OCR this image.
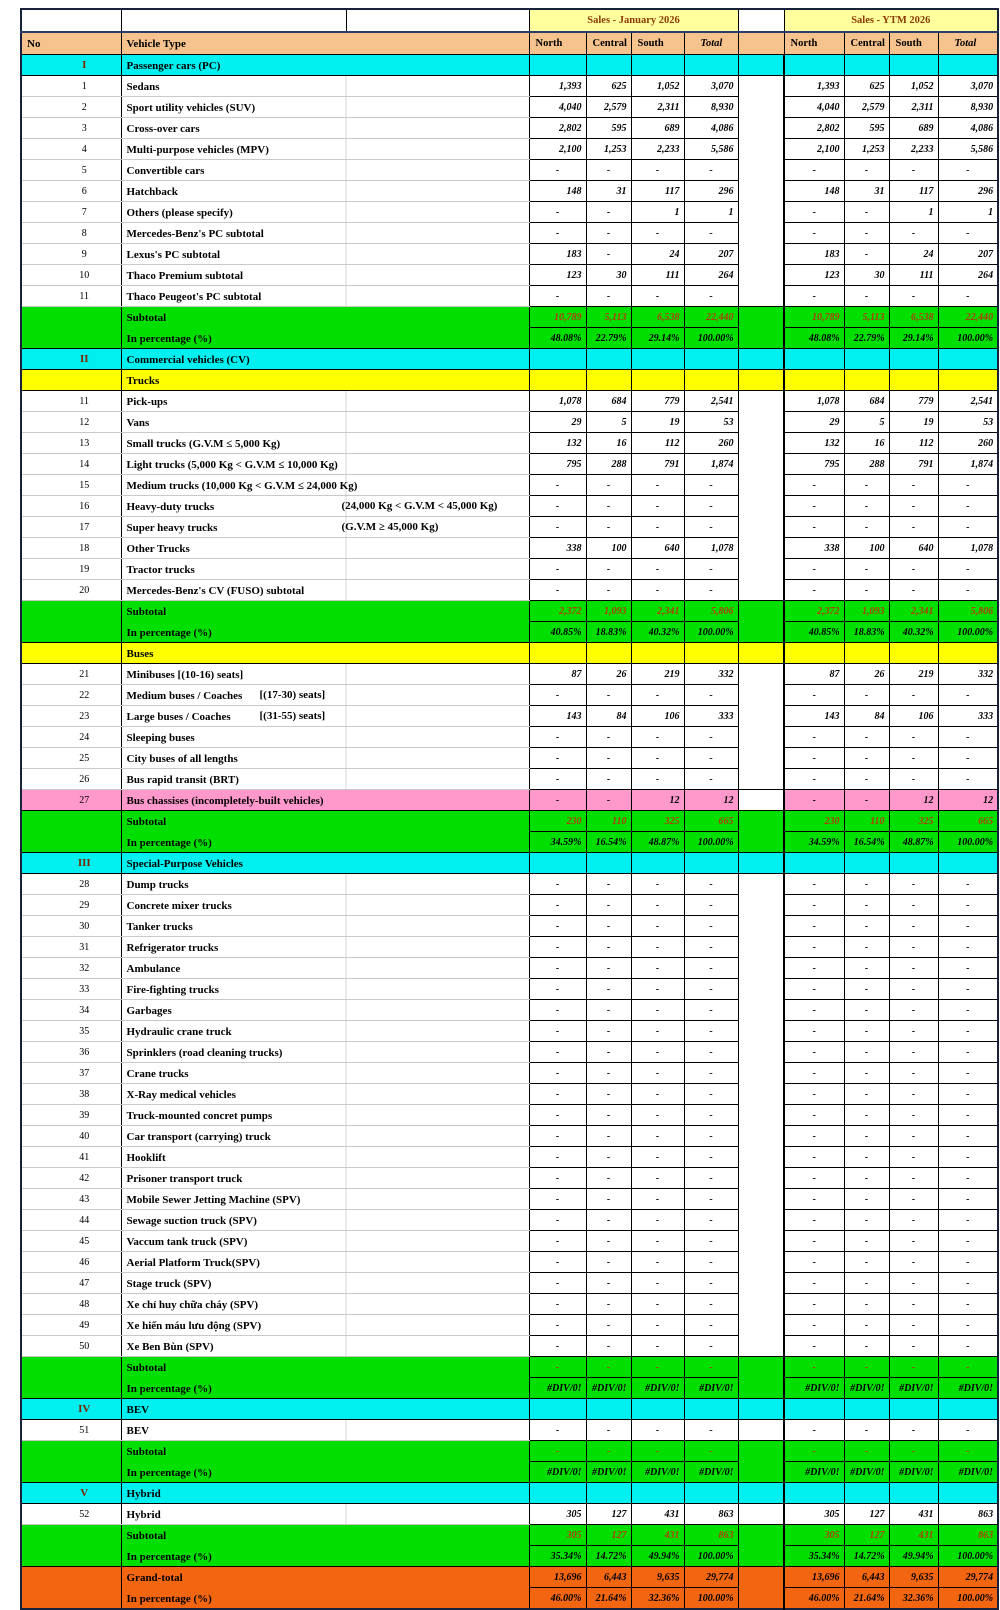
			Sales - January 2026					Sales - YTM 2026			
No	Vehicle Type		North	Central	South	Total		North	Central	South	Total
I	Passenger cars (PC)										

1	Sedans		1,393	625	1,052	3,070		1,393	625	1,052	3,070
2	Sport utility vehicles (SUV)		4,040	2,579	2,311	8,930		4,040	2,579	2,311	8,930
3	Cross-over cars		2,802	595	689	4,086		2,802	595	689	4,086
4	Multi-purpose vehicles (MPV)		2,100	1,253	2,233	5,586		2,100	1,253	2,233	5,586
5	Convertible cars		-	-	-	-		-	-	-	-
6	Hatchback		148	31	117	296		148	31	117	296
7	Others (please specify)		-	-	1	1		-	-	1	1
8	Mercedes-Benz's PC subtotal		-	-	-	-		-	-	-	-
9	Lexus's PC subtotal		183	-	24	207		183	-	24	207
10	Thaco Premium subtotal		123	30	111	264		123	30	111	264
11	Thaco Peugeot's PC subtotal		-	-	-	-		-	-	-	-

	Subtotal		10,789	5,113	6,538	22,440		10,789	5,113	6,538	22,440

	In percentage (%)		48.08%	22.79%	29.14%	100.00%		48.08%	22.79%	29.14%	100.00%
II	Commercial vehicles (CV)										

	Trucks										

11	Pick-ups		1,078	684	779	2,541		1,078	684	779	2,541
12	Vans		29	5	19	53		29	5	19	53
13	Small trucks (G.V.M ≤ 5,000 Kg)		132	16	112	260		132	16	112	260
14	Light trucks (5,000 Kg < G.V.M ≤ 10,000 Kg)		795	288	791	1,874		795	288	791	1,874
15	Medium trucks (10,000 Kg < G.V.M ≤ 24,000 Kg)		-	-	-	-		-	-	-	-
16	Heavy-duty trucks (24,000 Kg < G.V.M < 45,000 Kg)		-	-	-	-		-	-	-	-
17	Super heavy trucks (G.V.M ≥ 45,000 Kg)		-	-	-	-		-	-	-	-
18	Other Trucks		338	100	640	1,078		338	100	640	1,078
19	Tractor trucks		-	-	-	-		-	-	-	-
20	Mercedes-Benz's CV (FUSO) subtotal		-	-	-	-		-	-	-	-

	Subtotal		2,372	1,093	2,341	5,806		2,372	1,093	2,341	5,806

	In percentage (%)		40.85%	18.83%	40.32%	100.00%		40.85%	18.83%	40.32%	100.00%

	Buses										

21	Minibuses [(10-16) seats]		87	26	219	332		87	26	219	332
22	Medium buses / Coaches [(17-30) seats]		-	-	-	-		-	-	-	-
23	Large buses / Coaches [(31-55) seats]		143	84	106	333		143	84	106	333
24	Sleeping buses		-	-	-	-		-	-	-	-
25	City buses of all lengths		-	-	-	-		-	-	-	-
26	Bus rapid transit (BRT)		-	-	-	-		-	-	-	-
27	Bus chassises (incompletely-built vehicles)		-	-	12	12		-	-	12	12

	Subtotal		230	110	325	665		230	110	325	665

	In percentage (%)		34.59%	16.54%	48.87%	100.00%		34.59%	16.54%	48.87%	100.00%
III	Special-Purpose Vehicles										

28	Dump trucks		-	-	-	-		-	-	-	-
29	Concrete mixer trucks		-	-	-	-		-	-	-	-
30	Tanker trucks		-	-	-	-		-	-	-	-
31	Refrigerator trucks		-	-	-	-		-	-	-	-
32	Ambulance		-	-	-	-		-	-	-	-
33	Fire-fighting trucks		-	-	-	-		-	-	-	-
34	Garbages		-	-	-	-		-	-	-	-
35	Hydraulic crane truck		-	-	-	-		-	-	-	-
36	Sprinklers (road cleaning trucks)		-	-	-	-		-	-	-	-
37	Crane trucks		-	-	-	-		-	-	-	-
38	X-Ray medical vehicles		-	-	-	-		-	-	-	-
39	Truck-mounted concret pumps		-	-	-	-		-	-	-	-
40	Car transport (carrying) truck		-	-	-	-		-	-	-	-
41	Hooklift		-	-	-	-		-	-	-	-
42	Prisoner transport truck		-	-	-	-		-	-	-	-
43	Mobile Sewer Jetting Machine (SPV)		-	-	-	-		-	-	-	-
44	Sewage suction truck (SPV)		-	-	-	-		-	-	-	-
45	Vaccum tank truck (SPV)		-	-	-	-		-	-	-	-
46	Aerial Platform Truck(SPV)		-	-	-	-		-	-	-	-
47	Stage truck (SPV)		-	-	-	-		-	-	-	-
48	Xe chỉ huy chữa cháy (SPV)		-	-	-	-		-	-	-	-
49	Xe hiến máu lưu động (SPV)		-	-	-	-		-	-	-	-
50	Xe Ben Bùn (SPV)		-	-	-	-		-	-	-	-

	Subtotal		-	-	-	-		-	-	-	-

	In percentage (%)		#DIV/0!	#DIV/0!	#DIV/0!	#DIV/0!		#DIV/0!	#DIV/0!	#DIV/0!	#DIV/0!
IV	BEV										

51	BEV		-	-	-	-		-	-	-	-

	Subtotal		-	-	-	-		-	-	-	-

	In percentage (%)		#DIV/0!	#DIV/0!	#DIV/0!	#DIV/0!		#DIV/0!	#DIV/0!	#DIV/0!	#DIV/0!
V	Hybrid										

52	Hybrid		305	127	431	863		305	127	431	863

	Subtotal		305	127	431	863		305	127	431	863

	In percentage (%)		35.34%	14.72%	49.94%	100.00%		35.34%	14.72%	49.94%	100.00%

	Grand-total		13,696	6,443	9,635	29,774		13,696	6,443	9,635	29,774

	In percentage (%)		46.00%	21.64%	32.36%	100.00%		46.00%	21.64%	32.36%	100.00%
